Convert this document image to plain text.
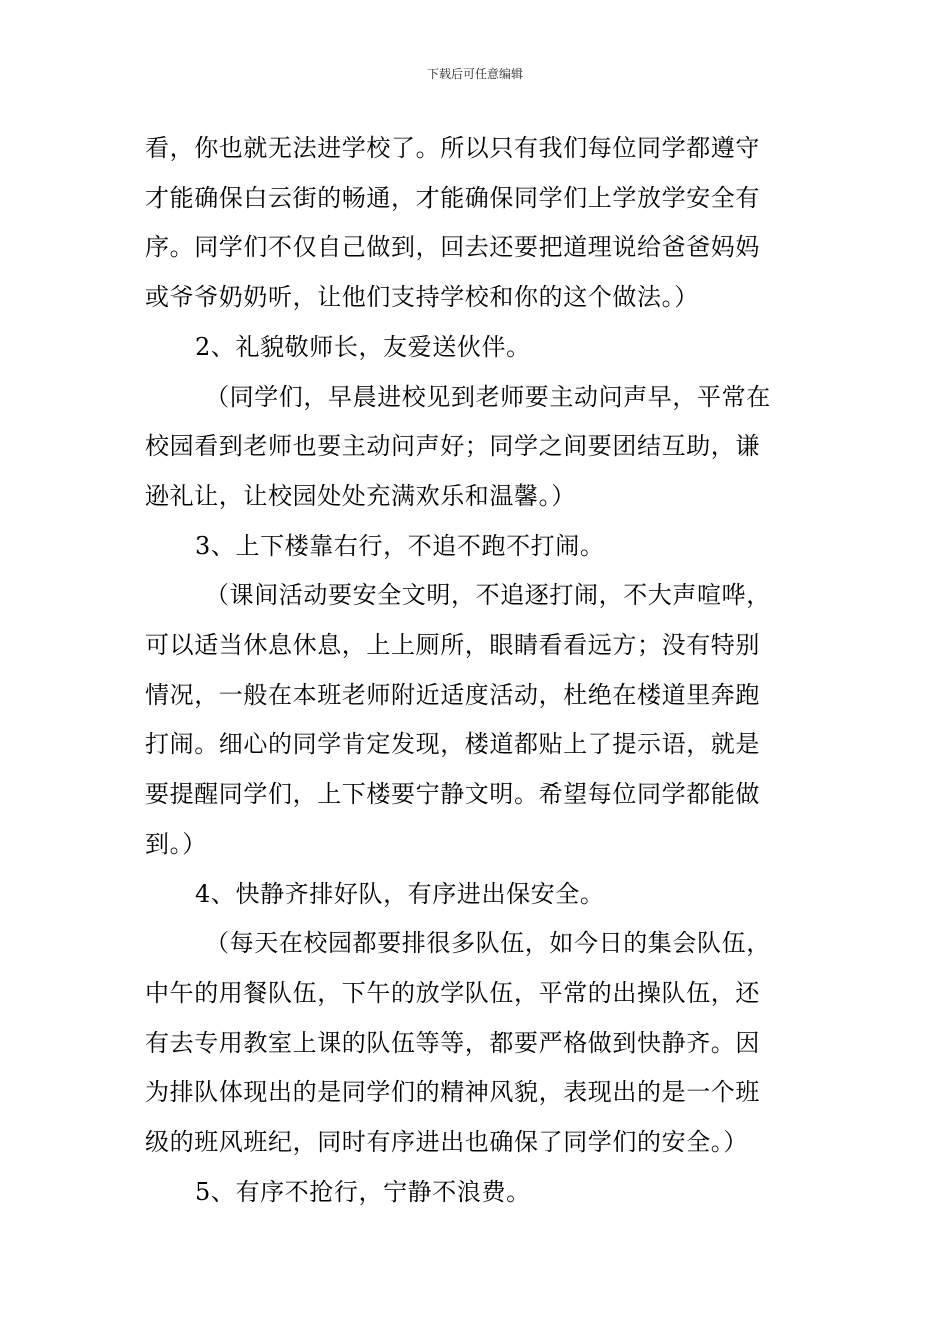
下载后可任意编辑

看，你也就无法进学校了。所以只有我们每位同学都遵守

才能确保白云街的畅通，才能确保同学们上学放学安全有

序。同学们不仅自己做到，回去还要把道理说给爸爸妈妈

或爷爷奶奶听，让他们支持学校和你的这个做法。）

2、礼貌敬师长，友爱送伙伴。

（同学们，早晨进校见到老师要主动问声早，平常在

校园看到老师也要主动问声好；同学之间要团结互助，谦

逊礼让，让校园处处充满欢乐和温馨。）

3、上下楼靠右行，不追不跑不打闹。

（课间活动要安全文明，不追逐打闹，不大声喧哗，

可以适当休息休息，上上厕所，眼睛看看远方；没有特别

情况，一般在本班老师附近适度活动，杜绝在楼道里奔跑

打闹。细心的同学肯定发现，楼道都贴上了提示语，就是

要提醒同学们，上下楼要宁静文明。希望每位同学都能做

到。）

4、快静齐排好队，有序进出保安全。

（每天在校园都要排很多队伍，如今日的集会队伍，

中午的用餐队伍，下午的放学队伍，平常的出操队伍，还

有去专用教室上课的队伍等等，都要严格做到快静齐。因

为排队体现出的是同学们的精神风貌，表现出的是一个班

级的班风班纪，同时有序进出也确保了同学们的安全。）

5、有序不抢行，宁静不浪费。
